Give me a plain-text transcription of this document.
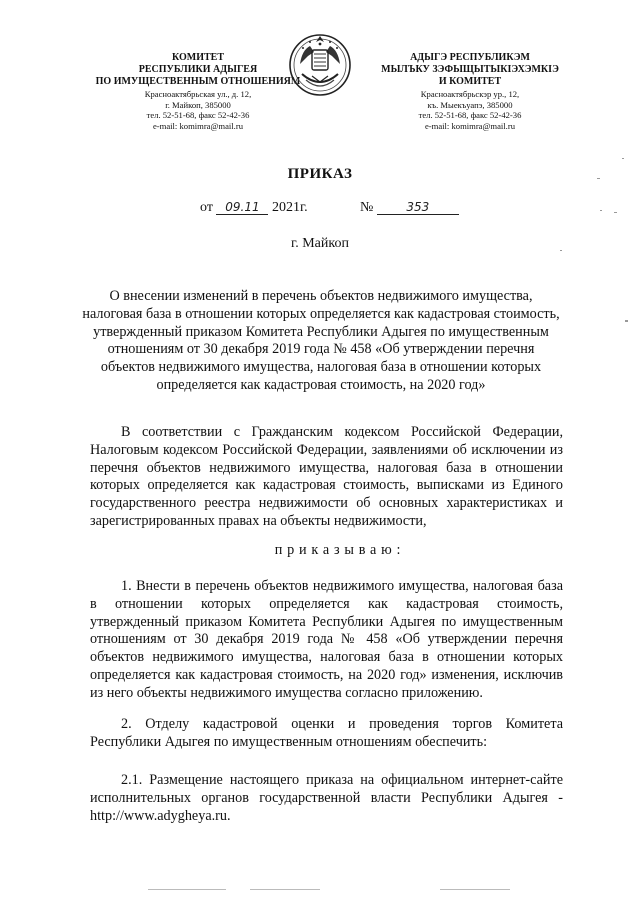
КОМИТЕТ
РЕСПУБЛИКИ АДЫГЕЯ
ПО ИМУЩЕСТВЕННЫМ ОТНОШЕНИЯМ
Красноактябрьская ул., д. 12,
г. Майкоп, 385000
тел. 52-51-68, факс 52-42-36
e-mail: komimra@mail.ru
АДЫГЭ РЕСПУБЛИКЭМ
МЫЛЪКУ ЗЭФЫЩЫТЫКIЭХЭМКIЭ
И КОМИТЕТ
Красноактябрьскэр ур., 12,
къ. Мыекъуапэ, 385000
тел. 52-51-68, факс 52-42-36
e-mail: komimra@mail.ru
ПРИКАЗ
от 09.11 2021г.	№	353
г. Майкоп
О внесении изменений в перечень объектов недвижимого имущества, налоговая база в отношении которых определяется как кадастровая стоимость, утвержденный приказом Комитета Республики Адыгея по имущественным отношениям от 30 декабря 2019 года № 458 «Об утверждении перечня объектов недвижимого имущества, налоговая база в отношении которых определяется как кадастровая стоимость, на 2020 год»
В соответствии с Гражданским кодексом Российской Федерации, Налоговым кодексом Российской Федерации, заявлениями об исключении из перечня объектов недвижимого имущества, налоговая база в отношении которых определяется как кадастровая стоимость, выписками из Единого государственного реестра недвижимости об основных характеристиках и зарегистрированных правах на объекты недвижимости,
приказываю:
1. Внести в перечень объектов недвижимого имущества, налоговая база в отношении которых определяется как кадастровая стоимость, утвержденный приказом Комитета Республики Адыгея по имущественным отношениям от 30 декабря 2019 года № 458 «Об утверждении перечня объектов недвижимого имущества, налоговая база в отношении которых определяется как кадастровая стоимость, на 2020 год» изменения, исключив из него объекты недвижимого имущества согласно приложению.
2. Отделу кадастровой оценки и проведения торгов Комитета Республики Адыгея по имущественным отношениям обеспечить:
2.1. Размещение настоящего приказа на официальном интернет-сайте исполнительных органов государственной власти Республики Адыгея - http://www.adygheya.ru.
